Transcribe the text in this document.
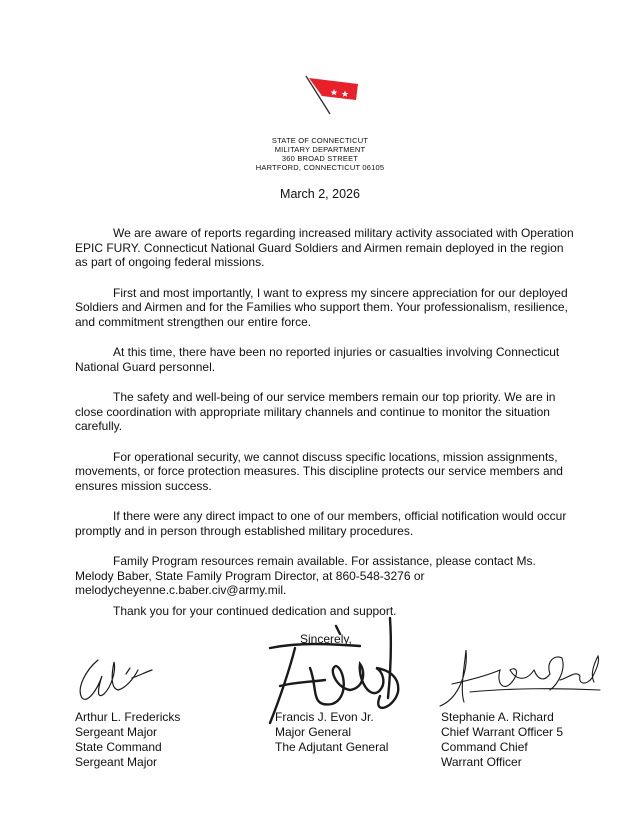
STATE OF CONNECTICUT
MILITARY DEPARTMENT
360 BROAD STREET
HARTFORD, CONNECTICUT 06105
March 2, 2026

We are aware of reports regarding increased military activity associated with Operation EPIC FURY. Connecticut National Guard Soldiers and Airmen remain deployed in the region as part of ongoing federal missions.

First and most importantly, I want to express my sincere appreciation for our deployed Soldiers and Airmen and for the Families who support them. Your professionalism, resilience, and commitment strengthen our entire force.

At this time, there have been no reported injuries or casualties involving Connecticut National Guard personnel.

The safety and well-being of our service members remain our top priority. We are in close coordination with appropriate military channels and continue to monitor the situation carefully.

For operational security, we cannot discuss specific locations, mission assignments, movements, or force protection measures. This discipline protects our service members and ensures mission success.

If there were any direct impact to one of our members, official notification would occur promptly and in person through established military procedures.

Family Program resources remain available. For assistance, please contact Ms. Melody Baber, State Family Program Director, at 860-548-3276 or melodycheyenne.c.baber.civ@army.mil.

Thank you for your continued dedication and support.
Sincerely,
Arthur L. Fredericks
Sergeant Major
State Command
Sergeant Major
Francis J. Evon Jr.
Major General
The Adjutant General
Stephanie A. Richard
Chief Warrant Officer 5
Command Chief
Warrant Officer
